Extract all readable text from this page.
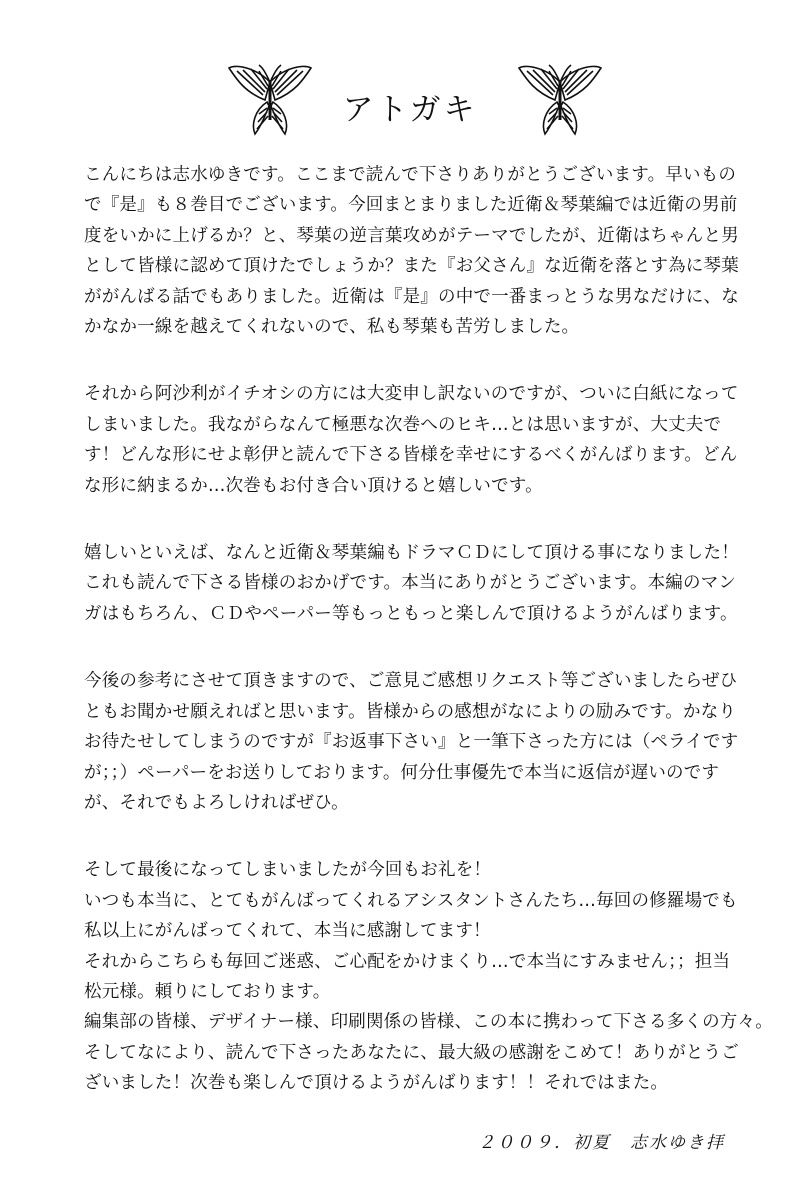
アトガキ
こんにちは志水ゆきです。ここまで読んで下さりありがとうございます。早いもの
で『是』も８巻目でございます。今回まとまりました近衛＆琴葉編では近衛の男前
度をいかに上げるか？と、琴葉の逆言葉攻めがテーマでしたが、近衛はちゃんと男
として皆様に認めて頂けたでしょうか？また『お父さん』な近衛を落とす為に琴葉
ががんばる話でもありました。近衛は『是』の中で一番まっとうな男なだけに、な
かなか一線を越えてくれないので、私も琴葉も苦労しました。
それから阿沙利がイチオシの方には大変申し訳ないのですが、ついに白紙になって
しまいました。我ながらなんて極悪な次巻へのヒキ…とは思いますが、大丈夫で
す！どんな形にせよ彰伊と読んで下さる皆様を幸せにするべくがんばります。どん
な形に納まるか…次巻もお付き合い頂けると嬉しいです。
嬉しいといえば、なんと近衛＆琴葉編もドラマＣＤにして頂ける事になりました！
これも読んで下さる皆様のおかげです。本当にありがとうございます。本編のマン
ガはもちろん、ＣＤやペーパー等もっともっと楽しんで頂けるようがんばります。
今後の参考にさせて頂きますので、ご意見ご感想リクエスト等ございましたらぜひ
ともお聞かせ願えればと思います。皆様からの感想がなによりの励みです。かなり
お待たせしてしまうのですが『お返事下さい』と一筆下さった方には（ペライです
が；；）ペーパーをお送りしております。何分仕事優先で本当に返信が遅いのです
が、それでもよろしければぜひ。
そして最後になってしまいましたが今回もお礼を！
いつも本当に、とてもがんばってくれるアシスタントさんたち…毎回の修羅場でも
私以上にがんばってくれて、本当に感謝してます！
それからこちらも毎回ご迷惑、ご心配をかけまくり…で本当にすみません；；担当
松元様。頼りにしております。
編集部の皆様、デザイナー様、印刷関係の皆様、この本に携わって下さる多くの方々。
そしてなにより、読んで下さったあなたに、最大級の感謝をこめて！ありがとうご
ざいました！次巻も楽しんで頂けるようがんばります！！それではまた。
２００９．初夏　志水ゆき拝
